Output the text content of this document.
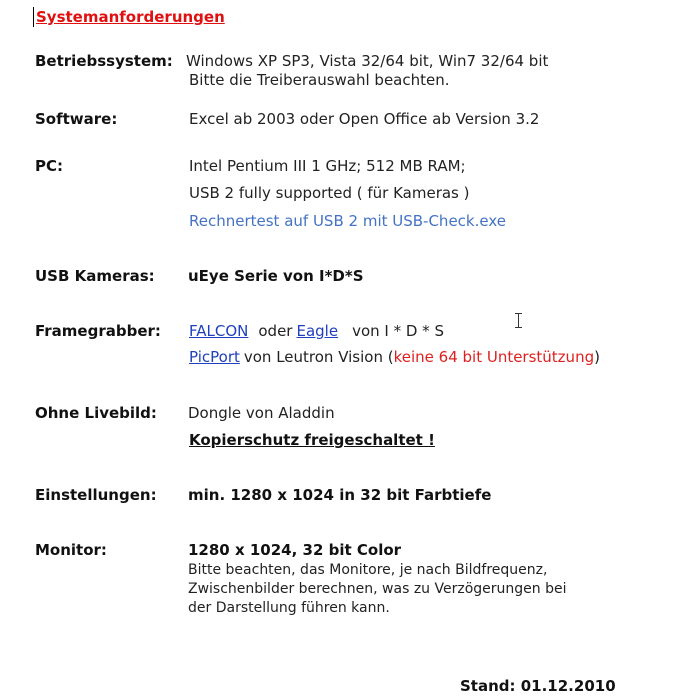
Systemanforderungen
Betriebssystem: Windows XP SP3, Vista 32/64 bit, Win7 32/64 bit
Bitte die Treiberauswahl beachten.
Software:	Excel ab 2003 oder Open Office ab Version 3.2
PC:	Intel Pentium III 1 GHz; 512 MB RAM;
USB 2 fully supported ( für Kameras )
Rechnertest auf USB 2 mit USB-Check.exe
USB Kameras: uEye Serie von I*D*S
Framegrabber: FALCON oder Eagle von I * D * S
PicPort von Leutron Vision (keine 64 bit Unterstützung)
Ohne Livebild: Dongle von Aladdin
Kopierschutz freigeschaltet !
Einstellungen: min. 1280 x 1024 in 32 bit Farbtiefe
Monitor:	1280 x 1024, 32 bit Color
Bitte beachten, das Monitore, je nach Bildfrequenz,
Zwischenbilder berechnen, was zu Verzögerungen bei
der Darstellung führen kann.
Stand: 01.12.2010
